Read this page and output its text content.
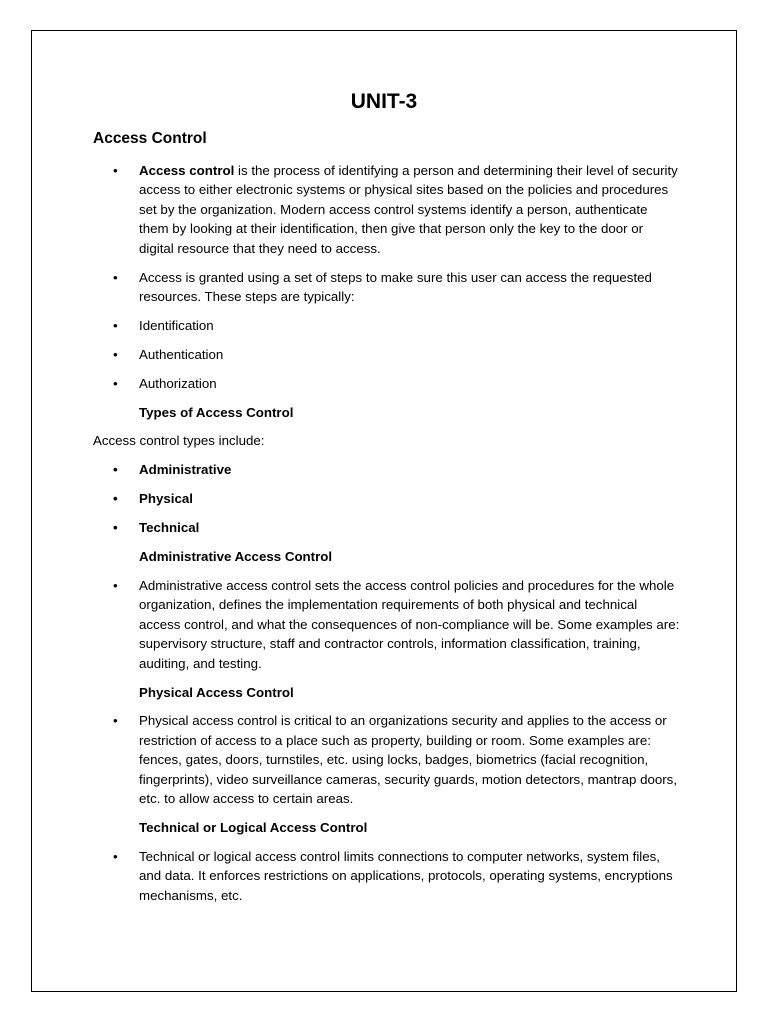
UNIT-3
Access Control

• Access control is the process of identifying a person and determining their level of security access to either electronic systems or physical sites based on the policies and procedures set by the organization. Modern access control systems identify a person, authenticate them by looking at their identification, then give that person only the key to the door or digital resource that they need to access.

• Access is granted using a set of steps to make sure this user can access the requested resources. These steps are typically:

• Identification

• Authentication

• Authorization

Types of Access Control

Access control types include:

• Administrative

• Physical

• Technical

Administrative Access Control

• Administrative access control sets the access control policies and procedures for the whole organization, defines the implementation requirements of both physical and technical access control, and what the consequences of non-compliance will be. Some examples are: supervisory structure, staff and contractor controls, information classification, training, auditing, and testing.

Physical Access Control

• Physical access control is critical to an organizations security and applies to the access or restriction of access to a place such as property, building or room. Some examples are: fences, gates, doors, turnstiles, etc. using locks, badges, biometrics (facial recognition, fingerprints), video surveillance cameras, security guards, motion detectors, mantrap doors, etc. to allow access to certain areas.

Technical or Logical Access Control

• Technical or logical access control limits connections to computer networks, system files, and data. It enforces restrictions on applications, protocols, operating systems, encryptions mechanisms, etc.
